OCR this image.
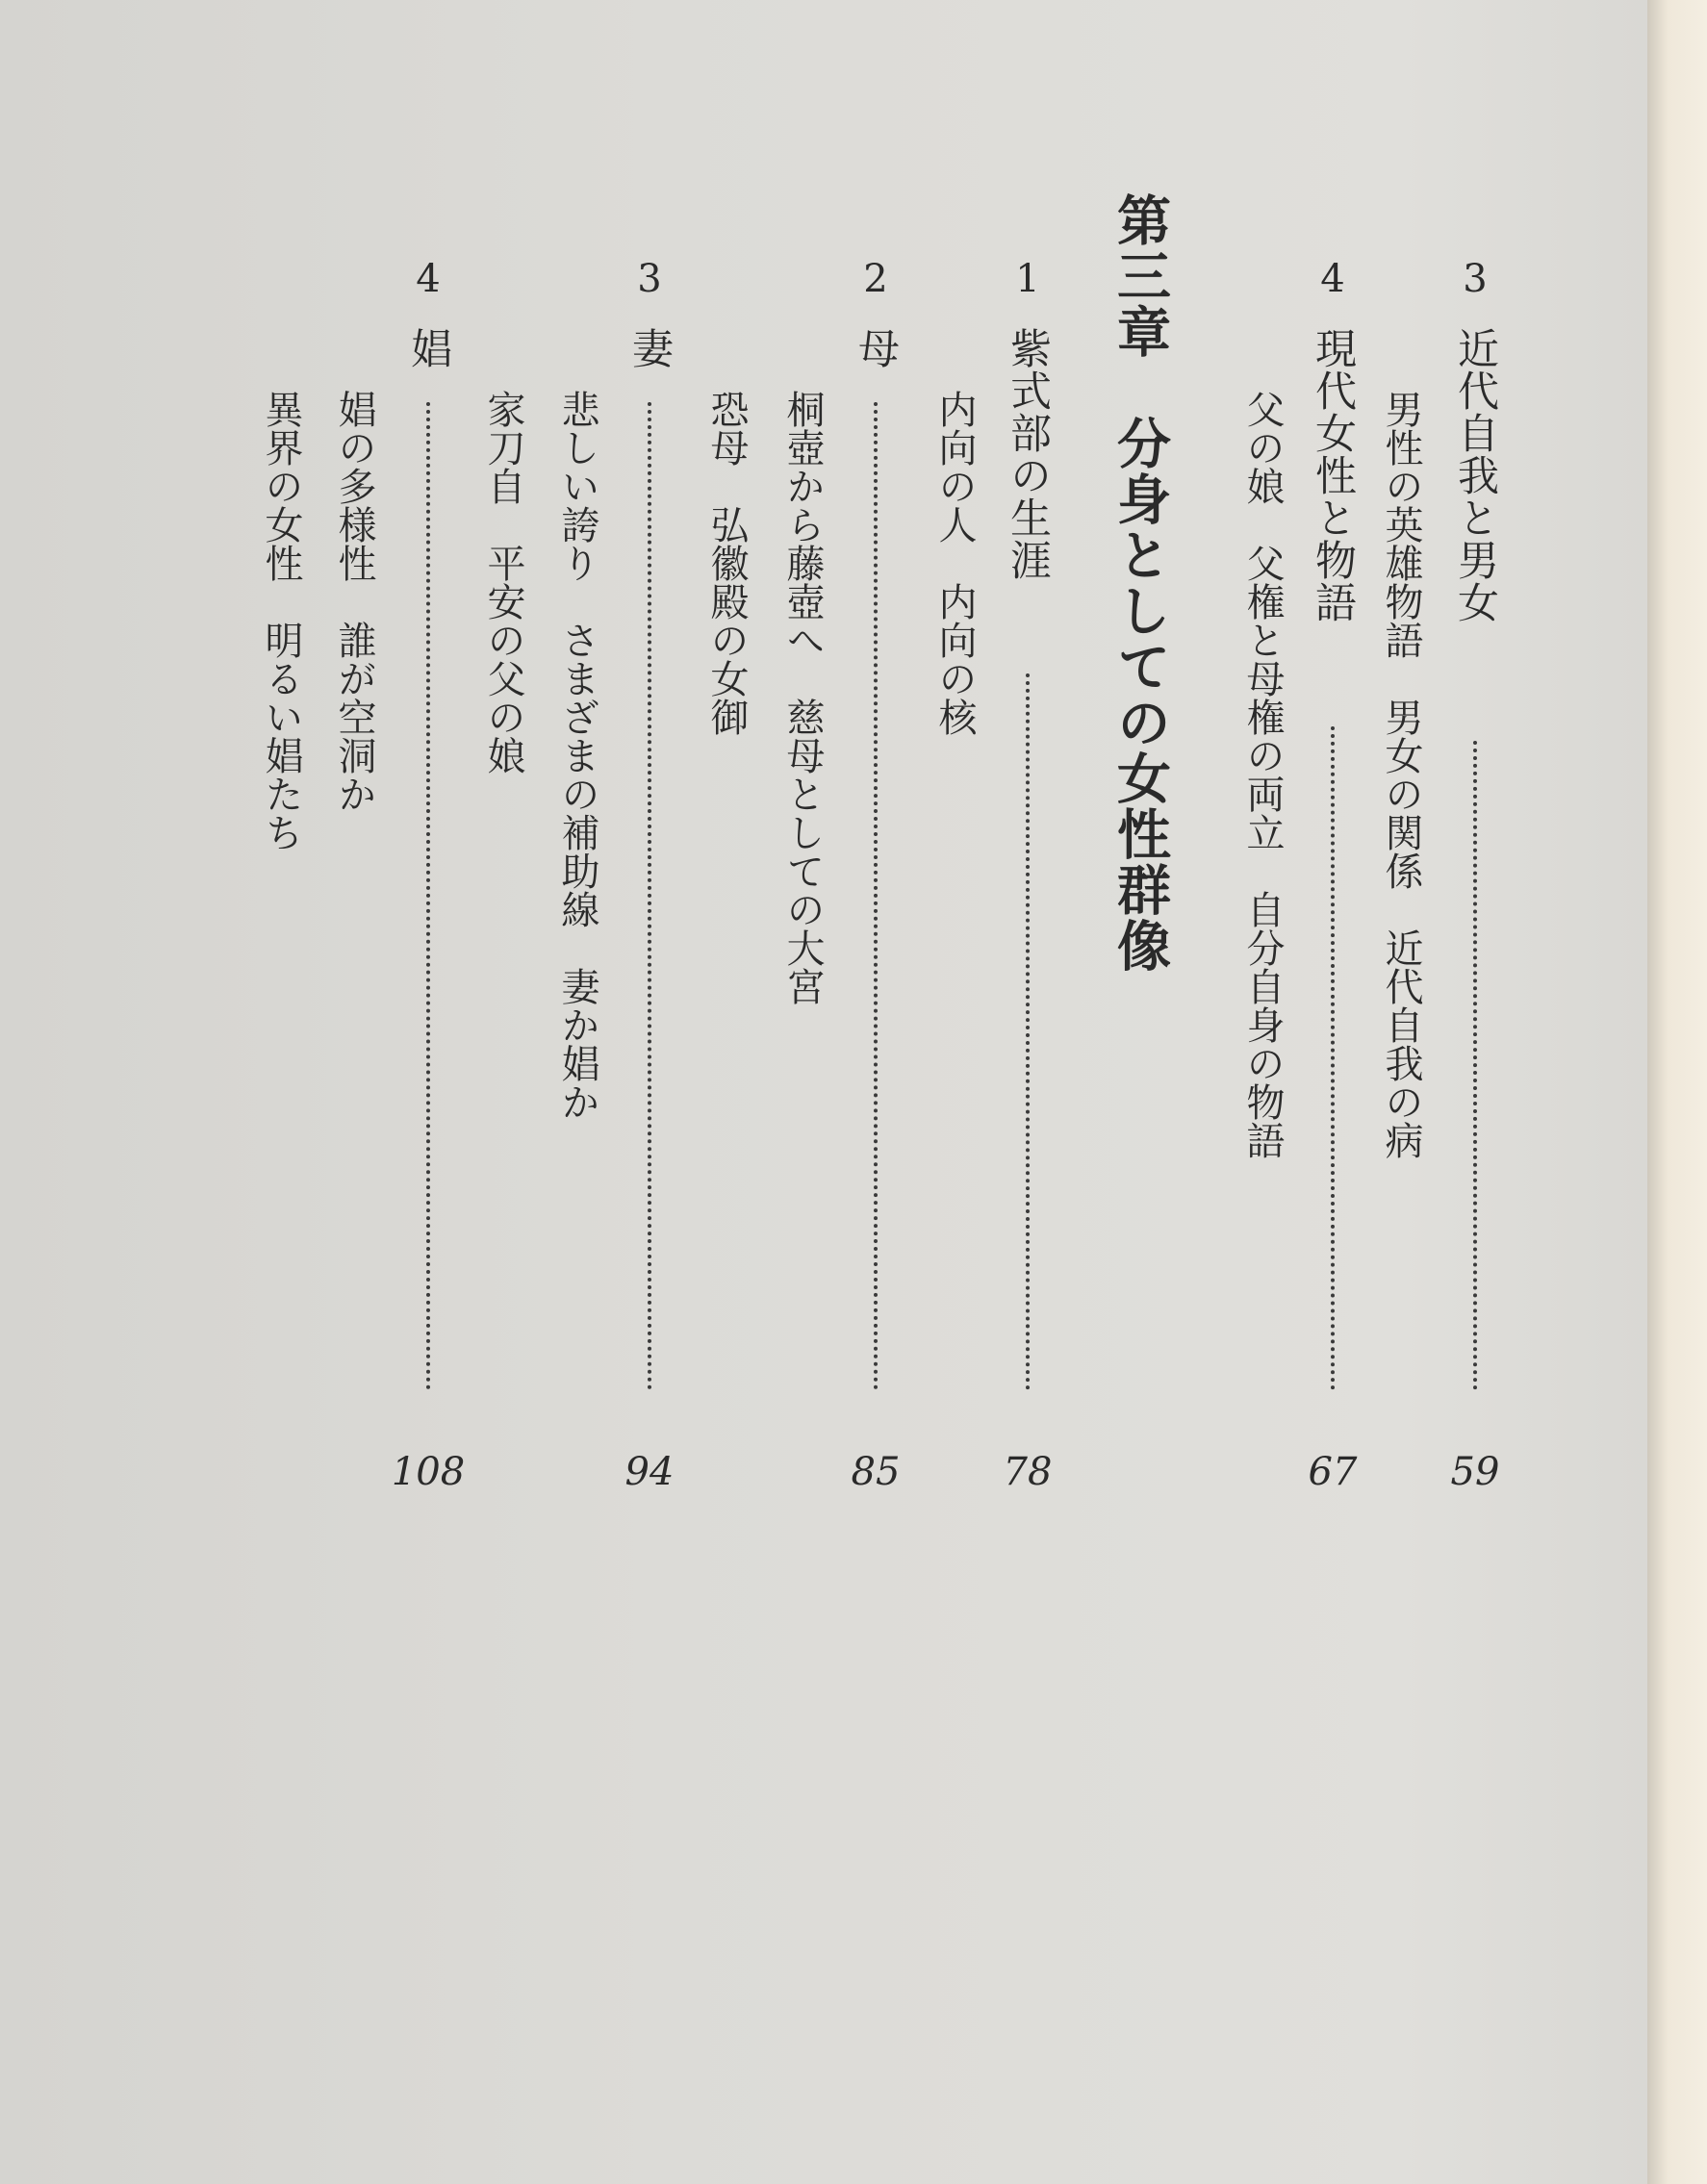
3
近代自我と男女
59
男性の英雄物語　男女の関係　近代自我の病
4
現代女性と物語
67
父の娘　父権と母権の両立　自分自身の物語
第三章　分身としての女性群像
1
紫式部の生涯
78
内向の人　内向の核
2
母
85
桐壺から藤壺へ　慈母としての大宮
恐母　弘徽殿の女御
3
妻
94
悲しい誇り　さまざまの補助線　妻か娼か
家刀自　平安の父の娘
4
娼
108
娼の多様性　誰が空洞か
異界の女性　明るい娼たち
